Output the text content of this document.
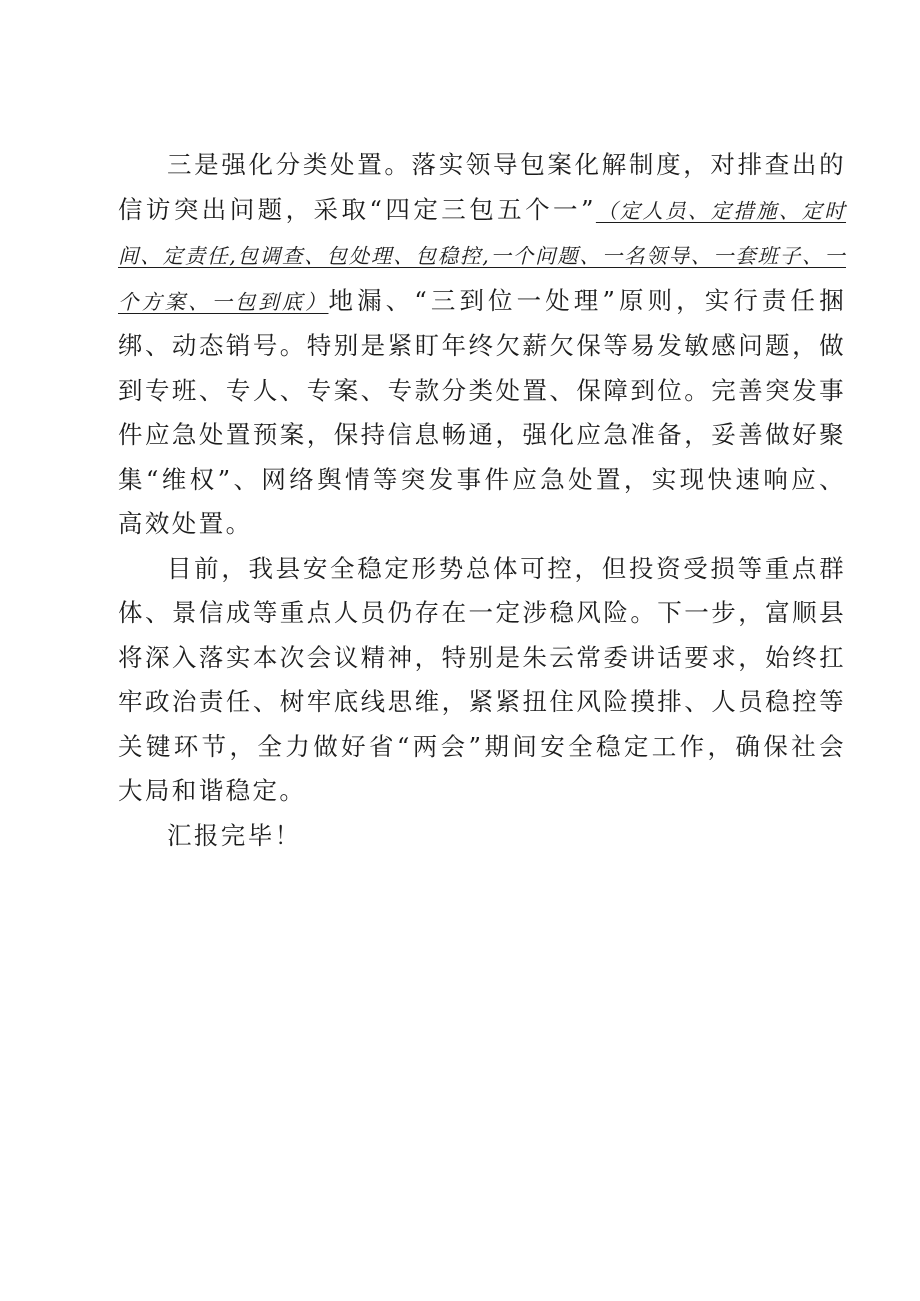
三是强化分类处置。落实领导包案化解制度，对排查出的信访突出问题，采取“四定三包五个一”（定人员、定措施、定时间、定责任,包调查、包处理、包稳控,一个问题、一名领导、一套班子、一个方案、一包到底）地漏、“三到位一处理”原则，实行责任捆绑、动态销号。特别是紧盯年终欠薪欠保等易发敏感问题，做到专班、专人、专案、专款分类处置、保障到位。完善突发事件应急处置预案，保持信息畅通，强化应急准备，妥善做好聚集“维权”、网络舆情等突发事件应急处置，实现快速响应、高效处置。

目前，我县安全稳定形势总体可控，但投资受损等重点群体、景信成等重点人员仍存在一定涉稳风险。下一步，富顺县将深入落实本次会议精神，特别是朱云常委讲话要求，始终扛牢政治责任、树牢底线思维，紧紧扭住风险摸排、人员稳控等关键环节，全力做好省“两会”期间安全稳定工作，确保社会大局和谐稳定。

汇报完毕！
